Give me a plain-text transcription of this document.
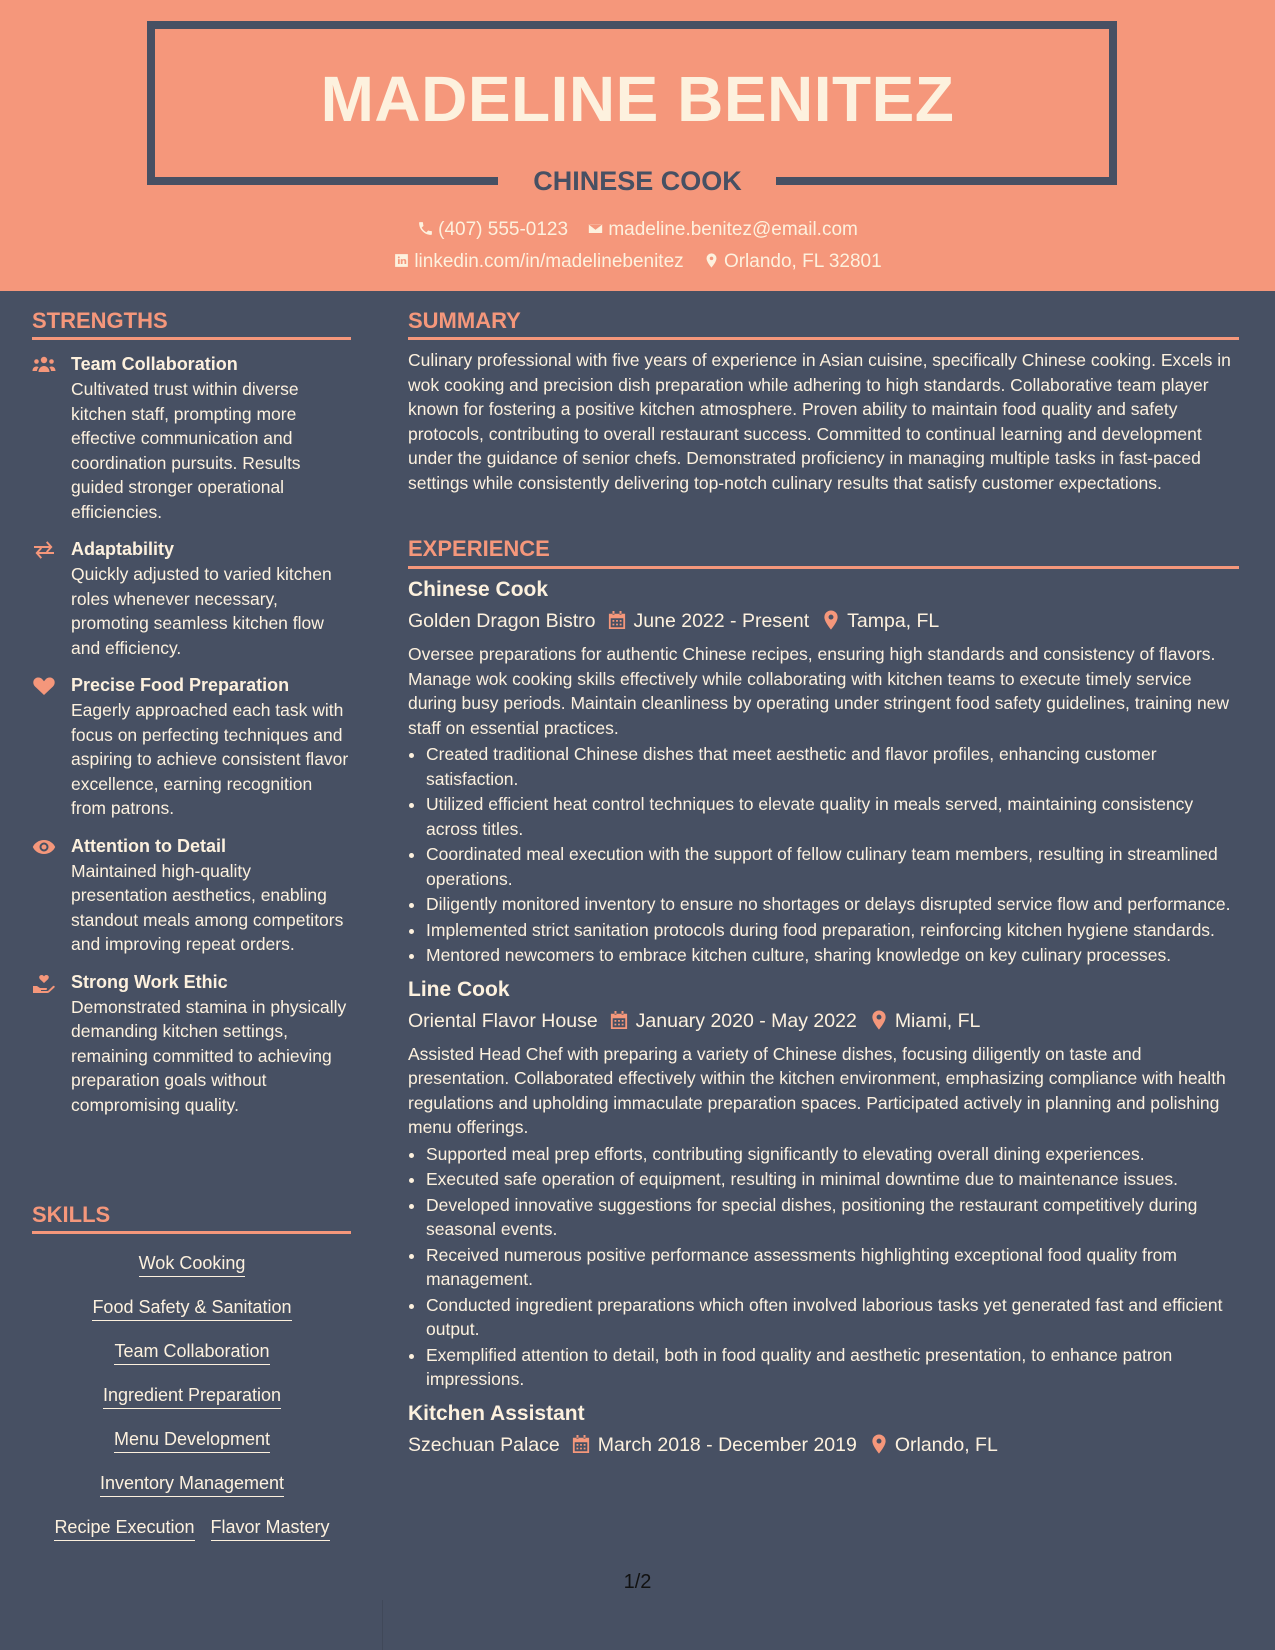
MADELINE BENITEZ
CHINESE COOK
(407) 555-0123 madeline.benitez@email.com
linkedin.com/in/madelinebenitez Orlando, FL 32801
STRENGTHS
Team Collaboration
Cultivated trust within diverse kitchen staff, prompting more effective communication and coordination pursuits. Results guided stronger operational efficiencies.
Adaptability
Quickly adjusted to varied kitchen roles whenever necessary, promoting seamless kitchen flow and efficiency.
Precise Food Preparation
Eagerly approached each task with focus on perfecting techniques and aspiring to achieve consistent flavor excellence, earning recognition from patrons.
Attention to Detail
Maintained high-quality presentation aesthetics, enabling standout meals among competitors and improving repeat orders.
Strong Work Ethic
Demonstrated stamina in physically demanding kitchen settings, remaining committed to achieving preparation goals without compromising quality.
SKILLS
Wok Cooking
Food Safety & Sanitation
Team Collaboration
Ingredient Preparation
Menu Development
Inventory Management
Recipe Execution Flavor Mastery
SUMMARY
Culinary professional with five years of experience in Asian cuisine, specifically Chinese cooking. Excels in wok cooking and precision dish preparation while adhering to high standards. Collaborative team player known for fostering a positive kitchen atmosphere. Proven ability to maintain food quality and safety protocols, contributing to overall restaurant success. Committed to continual learning and development under the guidance of senior chefs. Demonstrated proficiency in managing multiple tasks in fast-paced settings while consistently delivering top-notch culinary results that satisfy customer expectations.
EXPERIENCE
Chinese Cook
Golden Dragon Bistro June 2022 - Present Tampa, FL
Oversee preparations for authentic Chinese recipes, ensuring high standards and consistency of flavors. Manage wok cooking skills effectively while collaborating with kitchen teams to execute timely service during busy periods. Maintain cleanliness by operating under stringent food safety guidelines, training new staff on essential practices.
• Created traditional Chinese dishes that meet aesthetic and flavor profiles, enhancing customer satisfaction.
• Utilized efficient heat control techniques to elevate quality in meals served, maintaining consistency across titles.
• Coordinated meal execution with the support of fellow culinary team members, resulting in streamlined operations.
• Diligently monitored inventory to ensure no shortages or delays disrupted service flow and performance.
• Implemented strict sanitation protocols during food preparation, reinforcing kitchen hygiene standards.
• Mentored newcomers to embrace kitchen culture, sharing knowledge on key culinary processes.
Line Cook
Oriental Flavor House January 2020 - May 2022 Miami, FL
Assisted Head Chef with preparing a variety of Chinese dishes, focusing diligently on taste and presentation. Collaborated effectively within the kitchen environment, emphasizing compliance with health regulations and upholding immaculate preparation spaces. Participated actively in planning and polishing menu offerings.
• Supported meal prep efforts, contributing significantly to elevating overall dining experiences.
• Executed safe operation of equipment, resulting in minimal downtime due to maintenance issues.
• Developed innovative suggestions for special dishes, positioning the restaurant competitively during seasonal events.
• Received numerous positive performance assessments highlighting exceptional food quality from management.
• Conducted ingredient preparations which often involved laborious tasks yet generated fast and efficient output.
• Exemplified attention to detail, both in food quality and aesthetic presentation, to enhance patron impressions.
Kitchen Assistant
Szechuan Palace March 2018 - December 2019 Orlando, FL
1/2
